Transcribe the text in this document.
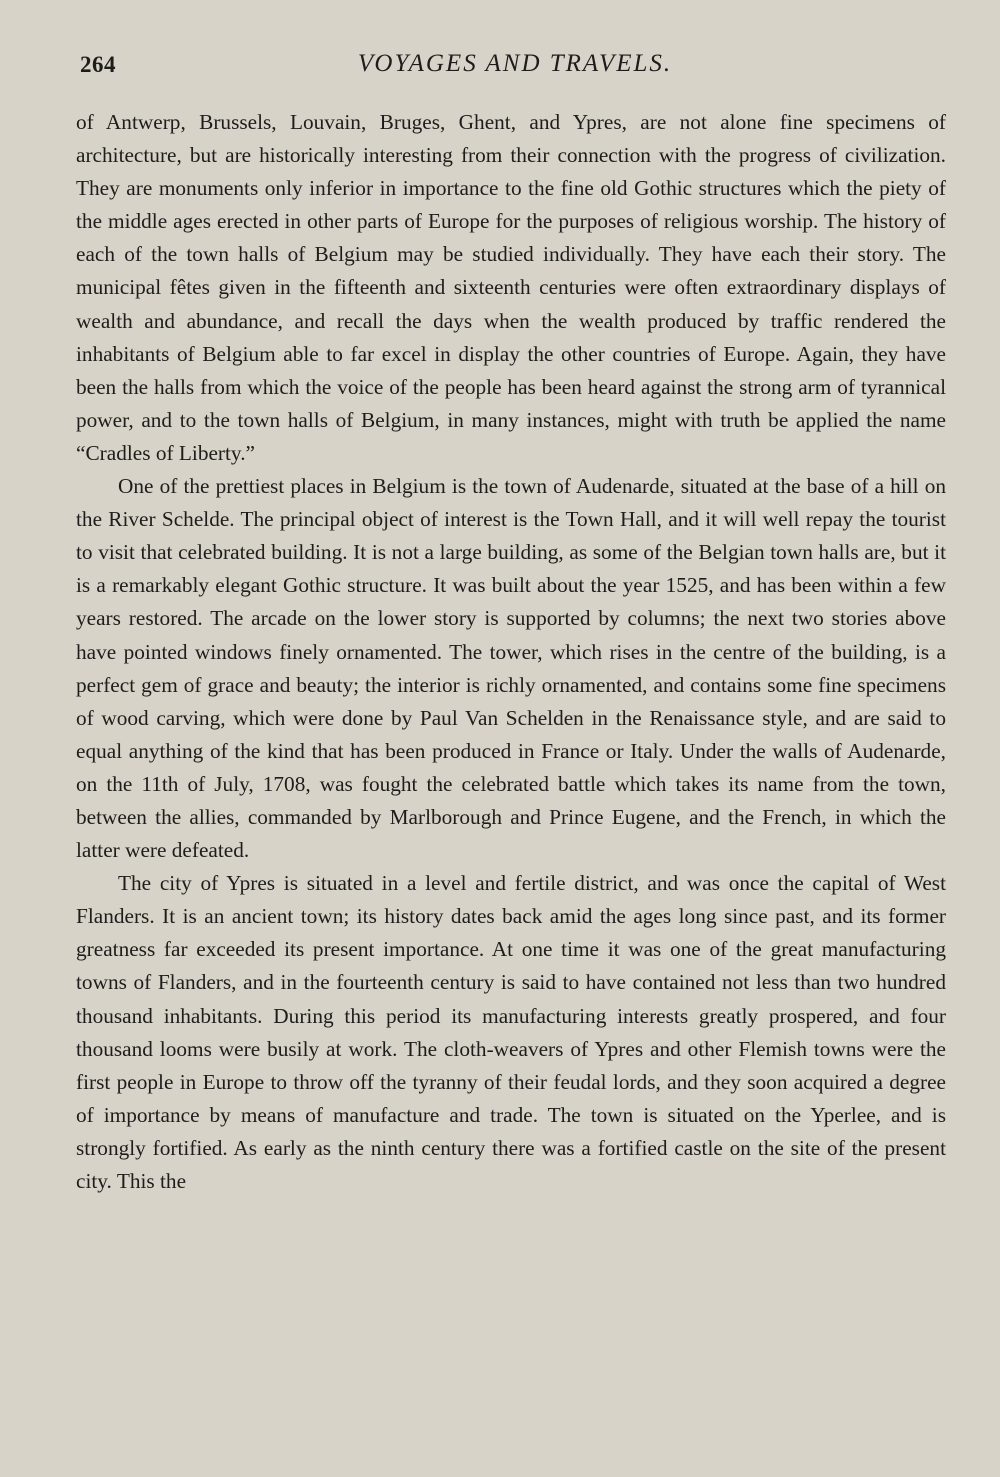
264	VOYAGES AND TRAVELS.

of Antwerp, Brussels, Louvain, Bruges, Ghent, and Ypres, are not alone fine specimens of architecture, but are historically interesting from their connection with the progress of civilization. They are monuments only inferior in importance to the fine old Gothic structures which the piety of the middle ages erected in other parts of Europe for the purposes of religious worship. The history of each of the town halls of Belgium may be studied individually. They have each their story. The municipal fêtes given in the fifteenth and sixteenth centuries were often extraordinary displays of wealth and abundance, and recall the days when the wealth produced by traffic rendered the inhabitants of Belgium able to far excel in display the other countries of Europe. Again, they have been the halls from which the voice of the people has been heard against the strong arm of tyrannical power, and to the town halls of Belgium, in many instances, might with truth be applied the name “Cradles of Liberty.”

One of the prettiest places in Belgium is the town of Audenarde, situated at the base of a hill on the River Schelde. The principal object of interest is the Town Hall, and it will well repay the tourist to visit that celebrated building. It is not a large building, as some of the Belgian town halls are, but it is a remarkably elegant Gothic structure. It was built about the year 1525, and has been within a few years restored. The arcade on the lower story is supported by columns; the next two stories above have pointed windows finely ornamented. The tower, which rises in the centre of the building, is a perfect gem of grace and beauty; the interior is richly ornamented, and contains some fine specimens of wood carving, which were done by Paul Van Schelden in the Renaissance style, and are said to equal anything of the kind that has been produced in France or Italy. Under the walls of Audenarde, on the 11th of July, 1708, was fought the celebrated battle which takes its name from the town, between the allies, commanded by Marlborough and Prince Eugene, and the French, in which the latter were defeated.

The city of Ypres is situated in a level and fertile district, and was once the capital of West Flanders. It is an ancient town; its history dates back amid the ages long since past, and its former greatness far exceeded its present importance. At one time it was one of the great manufacturing towns of Flanders, and in the fourteenth century is said to have contained not less than two hundred thousand inhabitants. During this period its manufacturing interests greatly prospered, and four thousand looms were busily at work. The cloth-weavers of Ypres and other Flemish towns were the first people in Europe to throw off the tyranny of their feudal lords, and they soon acquired a degree of importance by means of manufacture and trade. The town is situated on the Yperlee, and is strongly fortified. As early as the ninth century there was a fortified castle on the site of the present city. This the
